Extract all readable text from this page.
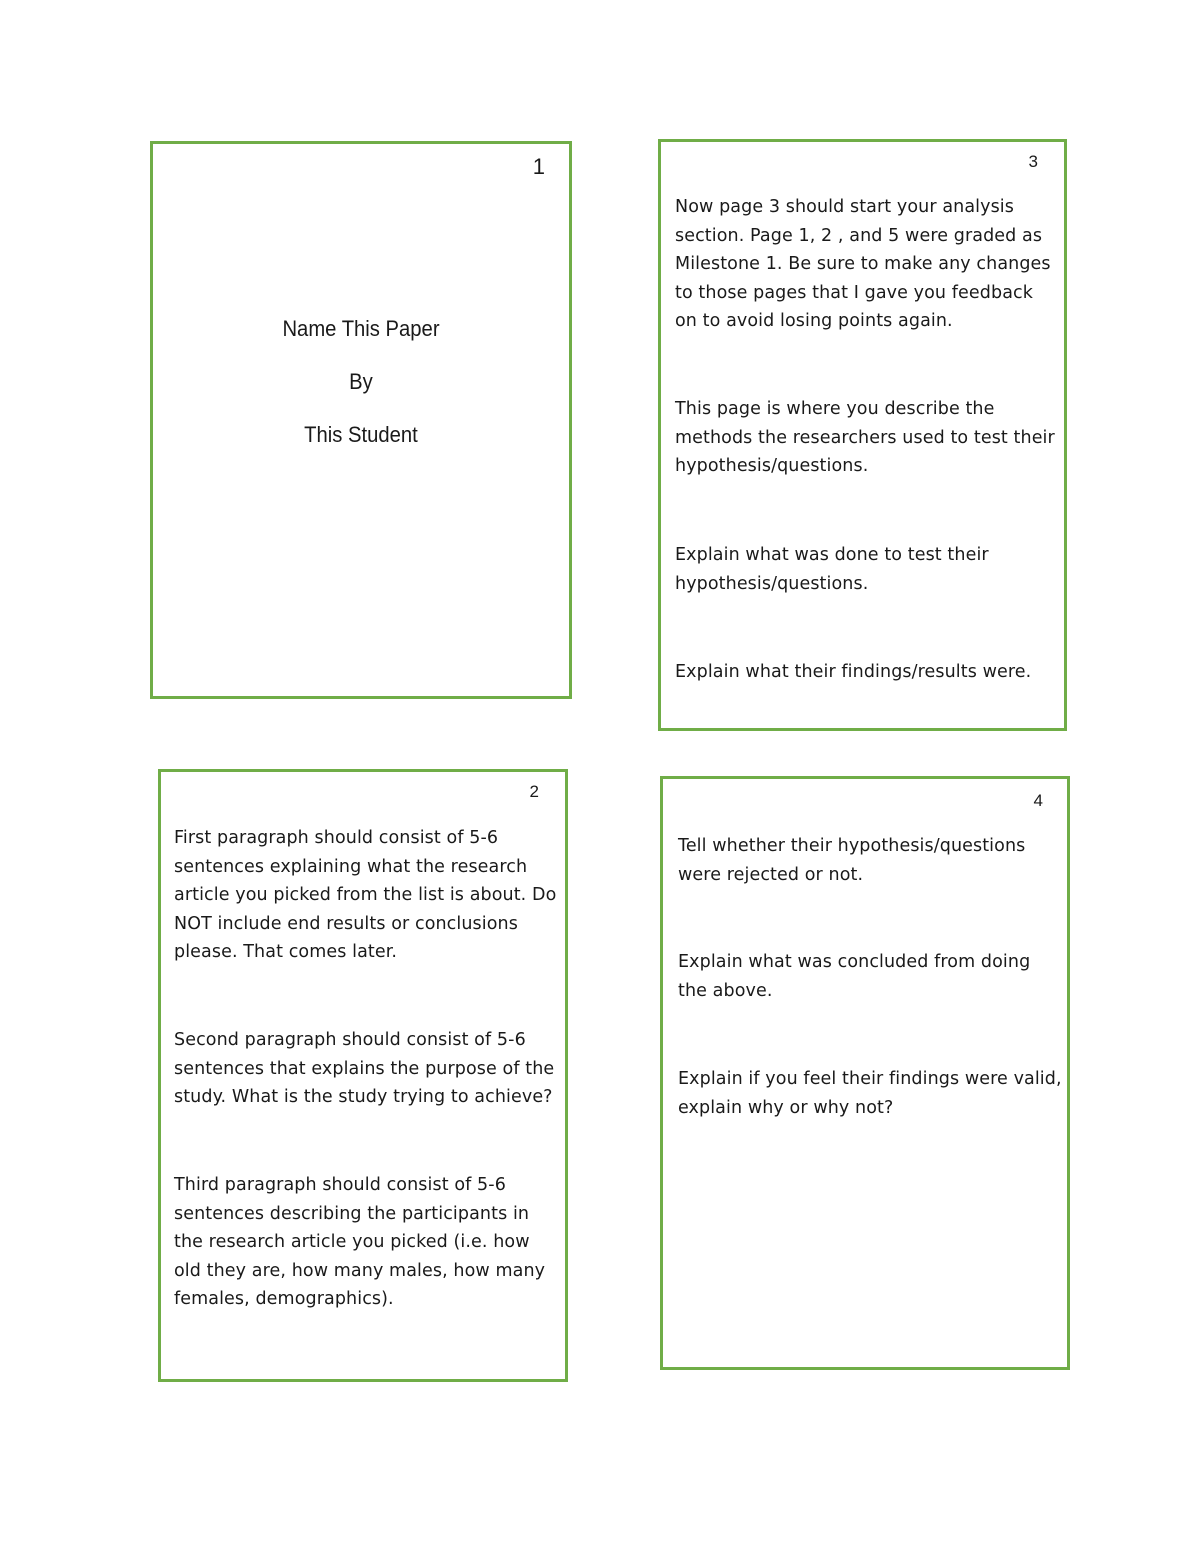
1
Name This Paper
By
This Student
3

Now page 3 should start your analysis section. Page 1, 2 , and 5 were graded as Milestone 1. Be sure to make any changes to those pages that I gave you feedback on to avoid losing points again.

This page is where you describe the methods the researchers used to test their hypothesis/questions.

Explain what was done to test their hypothesis/questions.

Explain what their findings/results were.

2

First paragraph should consist of 5-6 sentences explaining what the research article you picked from the list is about. Do NOT include end results or conclusions please. That comes later.

Second paragraph should consist of 5-6 sentences that explains the purpose of the study. What is the study trying to achieve?

Third paragraph should consist of 5-6 sentences describing the participants in the research article you picked (i.e. how old they are, how many males, how many females, demographics).

4

Tell whether their hypothesis/questions were rejected or not.

Explain what was concluded from doing the above.

Explain if you feel their findings were valid, explain why or why not?
